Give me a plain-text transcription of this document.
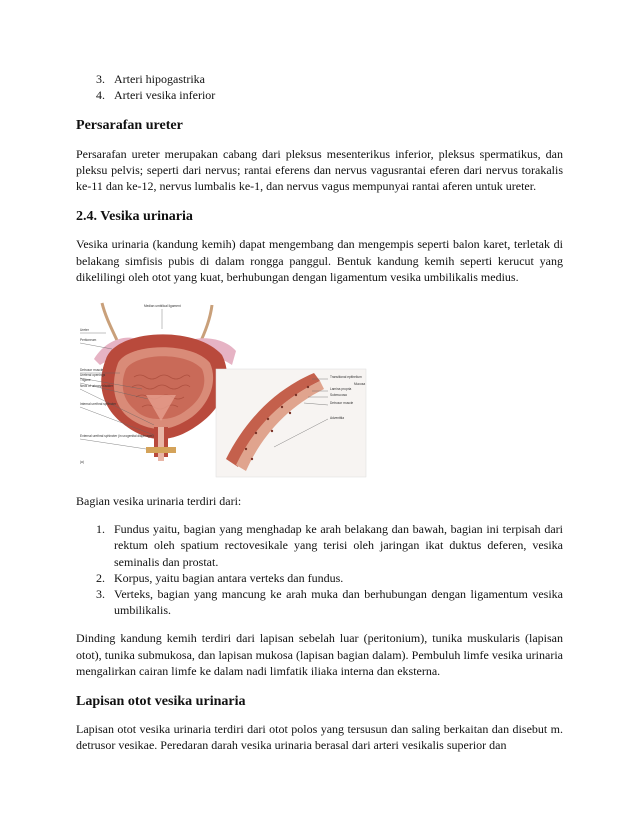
3. Arteri hipogastrika
4. Arteri vesika inferior
Persarafan ureter

Persarafan ureter merupakan cabang dari pleksus mesenterikus inferior, pleksus spermatikus, dan pleksu pelvis; seperti dari nervus; rantai eferens dan nervus vagusrantai eferen dari nervus torakalis ke-11 dan ke-12, nervus lumbalis ke-1, dan nervus vagus mempunyai rantai aferen untuk ureter.

2.4. Vesika urinaria

Vesika urinaria (kandung kemih) dapat mengembang dan mengempis seperti balon karet, terletak di belakang simfisis pubis di dalam rongga panggul. Bentuk kandung kemih seperti kerucut yang dikelilingi oleh otot yang kuat, berhubungan dengan ligamentum vesika umbilikalis medius.

Ureter
Peritoneum
Detrusor muscle
Ureteral openings
Trigone
Neck of urinary bladder
Internal urethral sphincter
External urethral sphincter (in urogenital diaphragm)
Median umbilical ligament
(a)
Transitional epithelium
Lamina propria
Submucosa
Detrusor muscle
Adventitia
Mucosa

Bagian vesika urinaria terdiri dari:

1. Fundus yaitu, bagian yang menghadap ke arah belakang dan bawah, bagian ini terpisah dari rektum oleh spatium rectovesikale yang terisi oleh jaringan ikat duktus deferen, vesika seminalis dan prostat.
2. Korpus, yaitu bagian antara verteks dan fundus.
3. Verteks, bagian yang mancung ke arah muka dan berhubungan dengan ligamentum vesika umbilikalis.

Dinding kandung kemih terdiri dari lapisan sebelah luar (peritonium), tunika muskularis (lapisan otot), tunika submukosa, dan lapisan mukosa (lapisan bagian dalam). Pembuluh limfe vesika urinaria mengalirkan cairan limfe ke dalam nadi limfatik iliaka interna dan eksterna.

Lapisan otot vesika urinaria

Lapisan otot vesika urinaria terdiri dari otot polos yang tersusun dan saling berkaitan dan disebut m. detrusor vesikae. Peredaran darah vesika urinaria berasal dari arteri vesikalis superior dan
